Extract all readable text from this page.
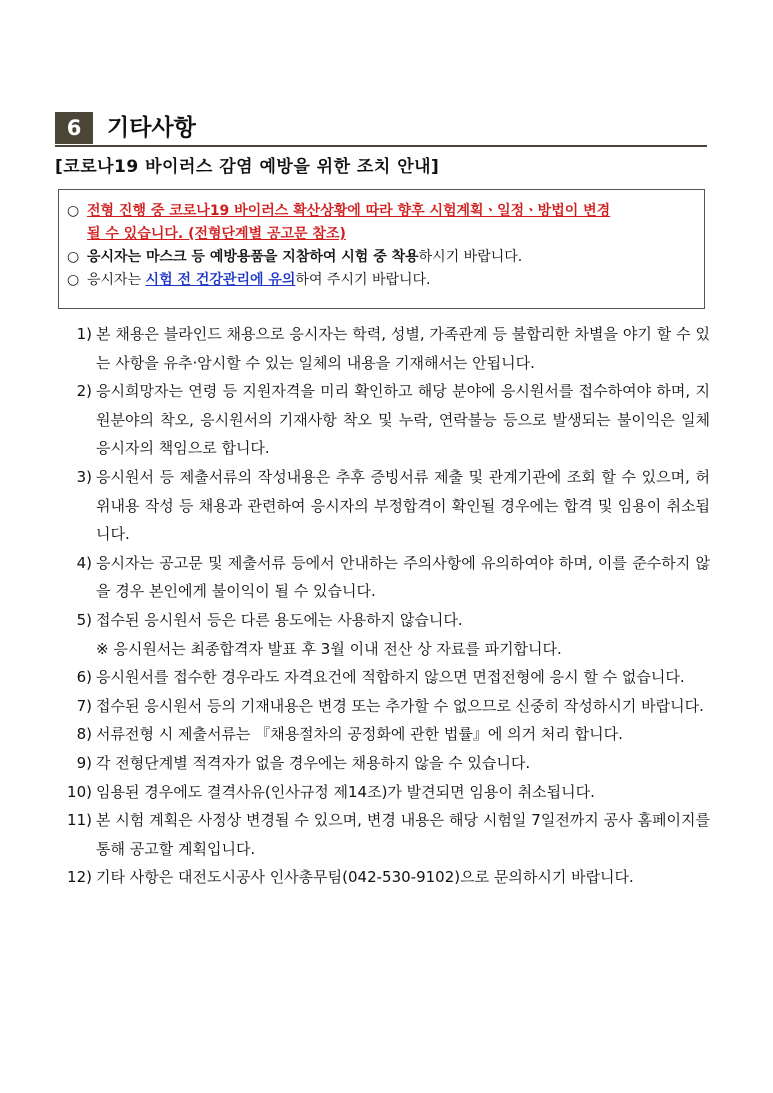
6	기타사항
[코로나19 바이러스 감염 예방을 위한 조치 안내]
○ 전형 진행 중 코로나19 바이러스 확산상황에 따라 향후 시험계획ㆍ일정ㆍ방법이 변경
될 수 있습니다. (전형단계별 공고문 참조)
○ 응시자는 마스크 등 예방용품을 지참하여 시험 중 착용하시기 바랍니다.
○ 응시자는 시험 전 건강관리에 유의하여 주시기 바랍니다.
1) 본 채용은 블라인드 채용으로 응시자는 학력, 성별, 가족관계 등 불합리한 차별을 야기 할 수 있는 사항을 유추·암시할 수 있는 일체의 내용을 기재해서는 안됩니다.
2) 응시희망자는 연령 등 지원자격을 미리 확인하고 해당 분야에 응시원서를 접수하여야 하며, 지원분야의 착오, 응시원서의 기재사항 착오 및 누락, 연락불능 등으로 발생되는 불이익은 일체 응시자의 책임으로 합니다.
3) 응시원서 등 제출서류의 작성내용은 추후 증빙서류 제출 및 관계기관에 조회 할 수 있으며, 허위내용 작성 등 채용과 관련하여 응시자의 부정합격이 확인될 경우에는 합격 및 임용이 취소됩니다.
4) 응시자는 공고문 및 제출서류 등에서 안내하는 주의사항에 유의하여야 하며, 이를 준수하지 않을 경우 본인에게 불이익이 될 수 있습니다.
5) 접수된 응시원서 등은 다른 용도에는 사용하지 않습니다.
※ 응시원서는 최종합격자 발표 후 3월 이내 전산 상 자료를 파기합니다.
6) 응시원서를 접수한 경우라도 자격요건에 적합하지 않으면 면접전형에 응시 할 수 없습니다.
7) 접수된 응시원서 등의 기재내용은 변경 또는 추가할 수 없으므로 신중히 작성하시기 바랍니다.
8) 서류전형 시 제출서류는 『채용절차의 공정화에 관한 법률』에 의거 처리 합니다.
9) 각 전형단계별 적격자가 없을 경우에는 채용하지 않을 수 있습니다.
10) 임용된 경우에도 결격사유(인사규정 제14조)가 발견되면 임용이 취소됩니다.
11) 본 시험 계획은 사정상 변경될 수 있으며, 변경 내용은 해당 시험일 7일전까지 공사 홈페이지를 통해 공고할 계획입니다.
12) 기타 사항은 대전도시공사 인사총무팀(042-530-9102)으로 문의하시기 바랍니다.
